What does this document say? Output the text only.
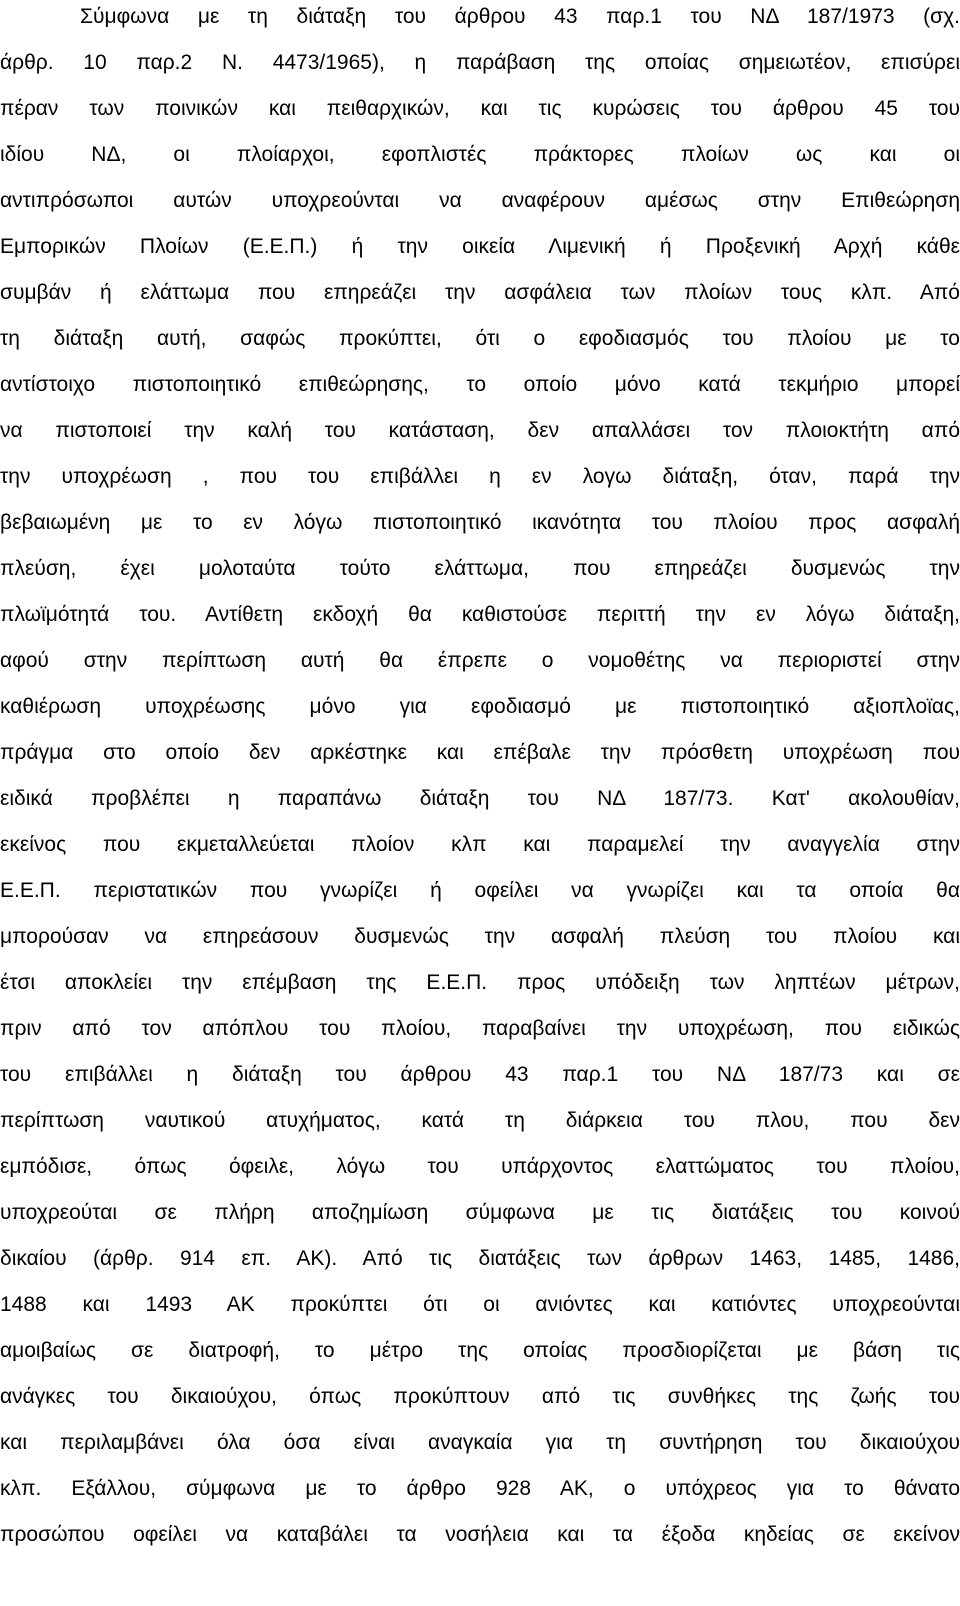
Σύμφωνα με τη διάταξη του άρθρου 43 παρ.1 του ΝΔ 187/1973 (σχ.
άρθρ. 10 παρ.2 Ν. 4473/1965), η παράβαση της οποίας σημειωτέον, επισύρει
πέραν των ποινικών και πειθαρχικών, και τις κυρώσεις του άρθρου 45 του
ιδίου ΝΔ, οι πλοίαρχοι, εφοπλιστές πράκτορες πλοίων ως και οι
αντιπρόσωποι αυτών υποχρεούνται να αναφέρουν αμέσως στην Επιθεώρηση
Εμπορικών Πλοίων (Ε.Ε.Π.) ή την οικεία Λιμενική ή Προξενική Αρχή κάθε
συμβάν ή ελάττωμα που επηρεάζει την ασφάλεια των πλοίων τους κλπ. Από
τη διάταξη αυτή, σαφώς προκύπτει, ότι ο εφοδιασμός του πλοίου με το
αντίστοιχο πιστοποιητικό επιθεώρησης, το οποίο μόνο κατά τεκμήριο μπορεί
να πιστοποιεί την καλή του κατάσταση, δεν απαλλάσει τον πλοιοκτήτη από
την υποχρέωση , που του επιβάλλει η εν λογω διάταξη, όταν, παρά την
βεβαιωμένη με το εν λόγω πιστοποιητικό ικανότητα του πλοίου προς ασφαλή
πλεύση, έχει μολοταύτα τούτο ελάττωμα, που επηρεάζει δυσμενώς την
πλωϊμότητά του. Αντίθετη εκδοχή θα καθιστούσε περιττή την εν λόγω διάταξη,
αφού στην περίπτωση αυτή θα έπρεπε ο νομοθέτης να περιοριστεί στην
καθιέρωση υποχρέωσης μόνο για εφοδιασμό με πιστοποιητικό αξιοπλοϊας,
πράγμα στο οποίο δεν αρκέστηκε και επέβαλε την πρόσθετη υποχρέωση που
ειδικά προβλέπει η παραπάνω διάταξη του ΝΔ 187/73. Κατ' ακολουθίαν,
εκείνος που εκμεταλλεύεται πλοίον κλπ και παραμελεί την αναγγελία στην
Ε.Ε.Π. περιστατικών που γνωρίζει ή οφείλει να γνωρίζει και τα οποία θα
μπορούσαν να επηρεάσουν δυσμενώς την ασφαλή πλεύση του πλοίου και
έτσι αποκλείει την επέμβαση της Ε.Ε.Π. προς υπόδειξη των ληπτέων μέτρων,
πριν από τον απόπλου του πλοίου, παραβαίνει την υποχρέωση, που ειδικώς
του επιβάλλει η διάταξη του άρθρου 43 παρ.1 του ΝΔ 187/73 και σε
περίπτωση ναυτικού ατυχήματος, κατά τη διάρκεια του πλου, που δεν
εμπόδισε, όπως όφειλε, λόγω του υπάρχοντος ελαττώματος του πλοίου,
υποχρεούται σε πλήρη αποζημίωση σύμφωνα με τις διατάξεις του κοινού
δικαίου (άρθρ. 914 επ. ΑΚ). Από τις διατάξεις των άρθρων 1463, 1485, 1486,
1488 και 1493 ΑΚ προκύπτει ότι οι ανιόντες και κατιόντες υποχρεούνται
αμοιβαίως σε διατροφή, το μέτρο της οποίας προσδιορίζεται με βάση τις
ανάγκες του δικαιούχου, όπως προκύπτουν από τις συνθήκες της ζωής του
και περιλαμβάνει όλα όσα είναι αναγκαία για τη συντήρηση του δικαιούχου
κλπ. Εξάλλου, σύμφωνα με το άρθρο 928 ΑΚ, ο υπόχρεος για το θάνατο
προσώπου οφείλει να καταβάλει τα νοσήλεια και τα έξοδα κηδείας σε εκείνον
